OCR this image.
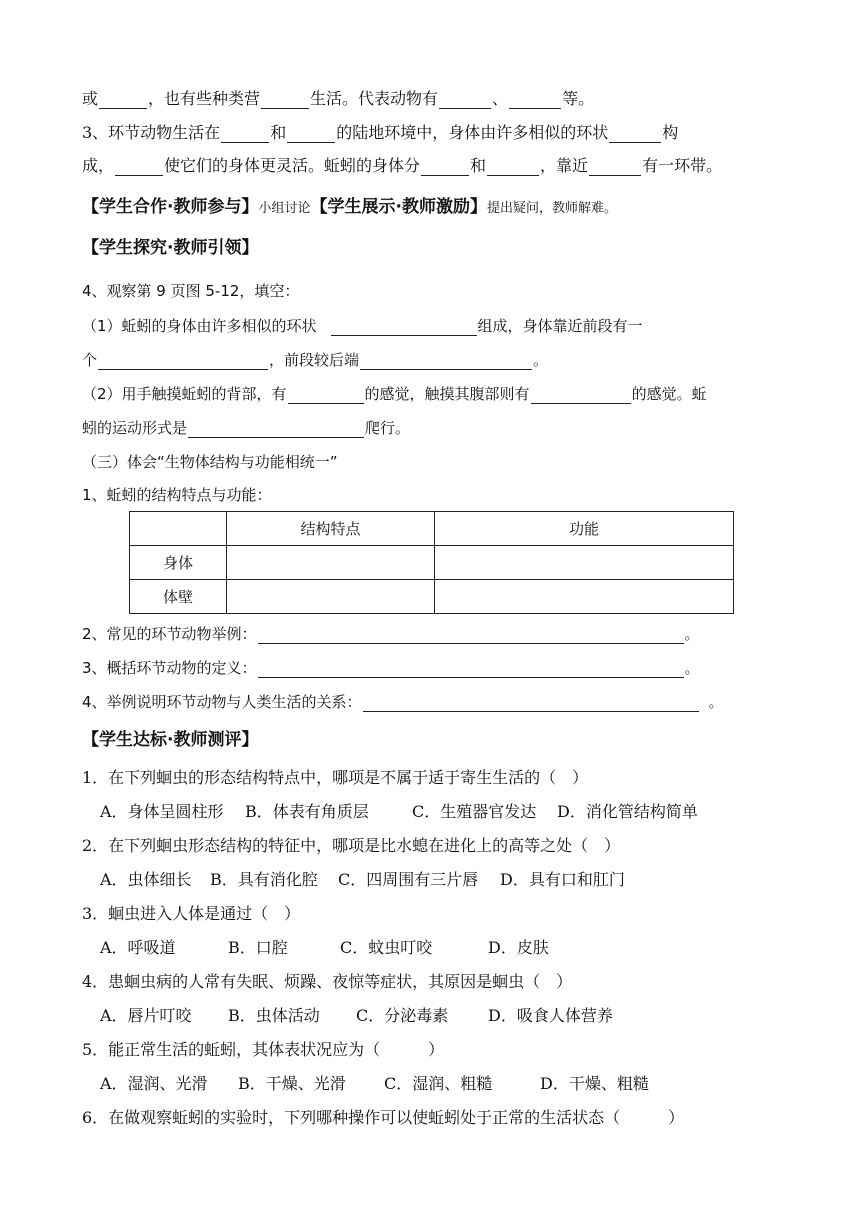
或	，也有些种类营	生活。代表动物有	、	等。
3、环节动物生活在	和	的陆地环境中，身体由许多相似的环状	构
成，	使它们的身体更灵活。蚯蚓的身体分	和	，靠近	有一环带。
【学生合作·教师参与】小组讨论【学生展示·教师激励】提出疑问，教师解难。
【学生探究·教师引领】
4、观察第 9 页图 5-12，填空：
（1）蚯蚓的身体由许多相似的环状	组成，身体靠近前段有一
个	，前段较后端	。
（2）用手触摸蚯蚓的背部，有	的感觉，触摸其腹部则有	的感觉。蚯
蚓的运动形式是	爬行。
（三）体会“生物体结构与功能相统一”
1、蚯蚓的结构特点与功能：
	结构特点	功能
身体		
体壁		
2、常见的环节动物举例：	。
3、概括环节动物的定义：	。
4、举例说明环节动物与人类生活的关系：	。
【学生达标·教师测评】
1．在下列蛔虫的形态结构特点中，哪项是不属于适于寄生生活的（　）
A．身体呈圆柱形 B．体表有角质层	C．生殖器官发达 D．消化管结构简单
2．在下列蛔虫形态结构的特征中，哪项是比水螅在进化上的高等之处（　）
A．虫体细长 B．具有消化腔 C．四周围有三片唇 D．具有口和肛门
3．蛔虫进入人体是通过（　）
A．呼吸道	B．口腔	C．蚊虫叮咬	D．皮肤
4．患蛔虫病的人常有失眠、烦躁、夜惊等症状，其原因是蛔虫（　）
A．唇片叮咬 B．虫体活动 C．分泌毒素 D．吸食人体营养
5．能正常生活的蚯蚓，其体表状况应为（　　　）
A．湿润、光滑 B．干燥、光滑 C．湿润、粗糙	D．干燥、粗糙
6．在做观察蚯蚓的实验时，下列哪种操作可以使蚯蚓处于正常的生活状态（　　　）
